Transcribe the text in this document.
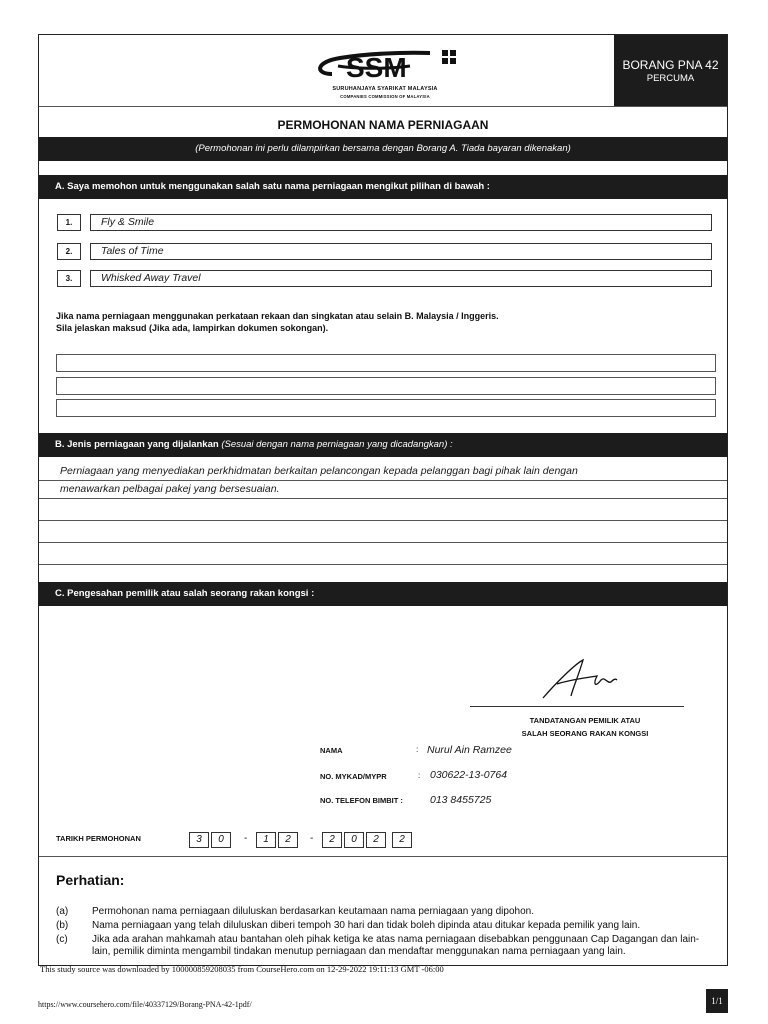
SSM
SURUHANJAYA SYARIKAT MALAYSIA
COMPANIES COMMISSION OF MALAYSIA
BORANG PNA 42
PERCUMA
PERMOHONAN NAMA PERNIAGAAN
(Permohonan ini perlu dilampirkan bersama dengan Borang A. Tiada bayaran dikenakan)
A. Saya memohon untuk menggunakan salah satu nama perniagaan mengikut pilihan di bawah :
1.	Fly & Smile
2.	Tales of Time
3.	Whisked Away Travel
Jika nama perniagaan menggunakan perkataan rekaan dan singkatan atau selain B. Malaysia / Inggeris.
Sila jelaskan maksud (Jika ada, lampirkan dokumen sokongan).
B. Jenis perniagaan yang dijalankan (Sesuai dengan nama perniagaan yang dicadangkan) :
Perniagaan yang menyediakan perkhidmatan berkaitan pelancongan kepada pelanggan bagi pihak lain dengan
menawarkan pelbagai pakej yang bersesuaian.
C. Pengesahan pemilik atau salah seorang rakan kongsi :
TANDATANGAN PEMILIK ATAU
SALAH SEORANG RAKAN KONGSI
NAMA	: Nurul Ain Ramzee
NO. MYKAD/MYPR	: 030622-13-0764
NO. TELEFON BIMBIT :	013 8455725
TARIKH PERMOHONAN	3	0	-	1	2	-	2	0	2	2
Perhatian:
(a) Permohonan nama perniagaan diluluskan berdasarkan keutamaan nama perniagaan yang dipohon.
(b) Nama perniagaan yang telah diluluskan diberi tempoh 30 hari dan tidak boleh dipinda atau ditukar kepada pemilik yang lain.
(c) Jika ada arahan mahkamah atau bantahan oleh pihak ketiga ke atas nama perniagaan disebabkan penggunaan Cap Dagangan dan lain-lain, pemilik diminta mengambil tindakan menutup perniagaan dan mendaftar menggunakan nama perniagaan yang lain.
This study source was downloaded by 100000859208035 from CourseHero.com on 12-29-2022 19:11:13 GMT -06:00
https://www.coursehero.com/file/40337129/Borang-PNA-42-1pdf/	1/1
